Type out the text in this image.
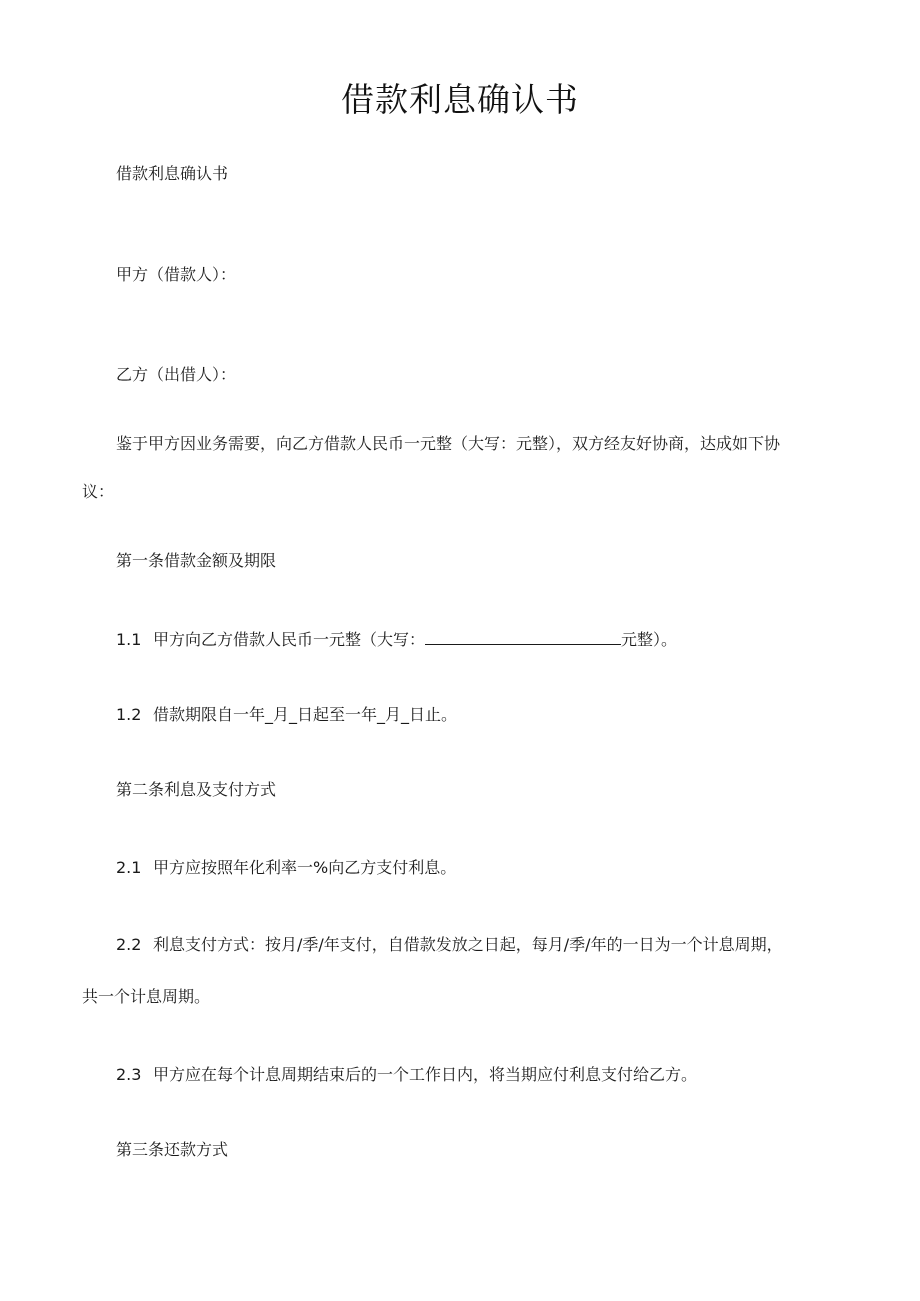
借款利息确认书
借款利息确认书
甲方（借款人）：
乙方（出借人）：
鉴于甲方因业务需要，向乙方借款人民币一元整（大写：元整），双方经友好协商，达成如下协
议：
第一条借款金额及期限
1.1 甲方向乙方借款人民币一元整（大写：	元整）。
1.2 借款期限自一年_月_日起至一年_月_日止。
第二条利息及支付方式
2.1 甲方应按照年化利率一%向乙方支付利息。
2.2 利息支付方式：按月/季/年支付，自借款发放之日起，每月/季/年的一日为一个计息周期，
共一个计息周期。
2.3 甲方应在每个计息周期结束后的一个工作日内，将当期应付利息支付给乙方。
第三条还款方式
